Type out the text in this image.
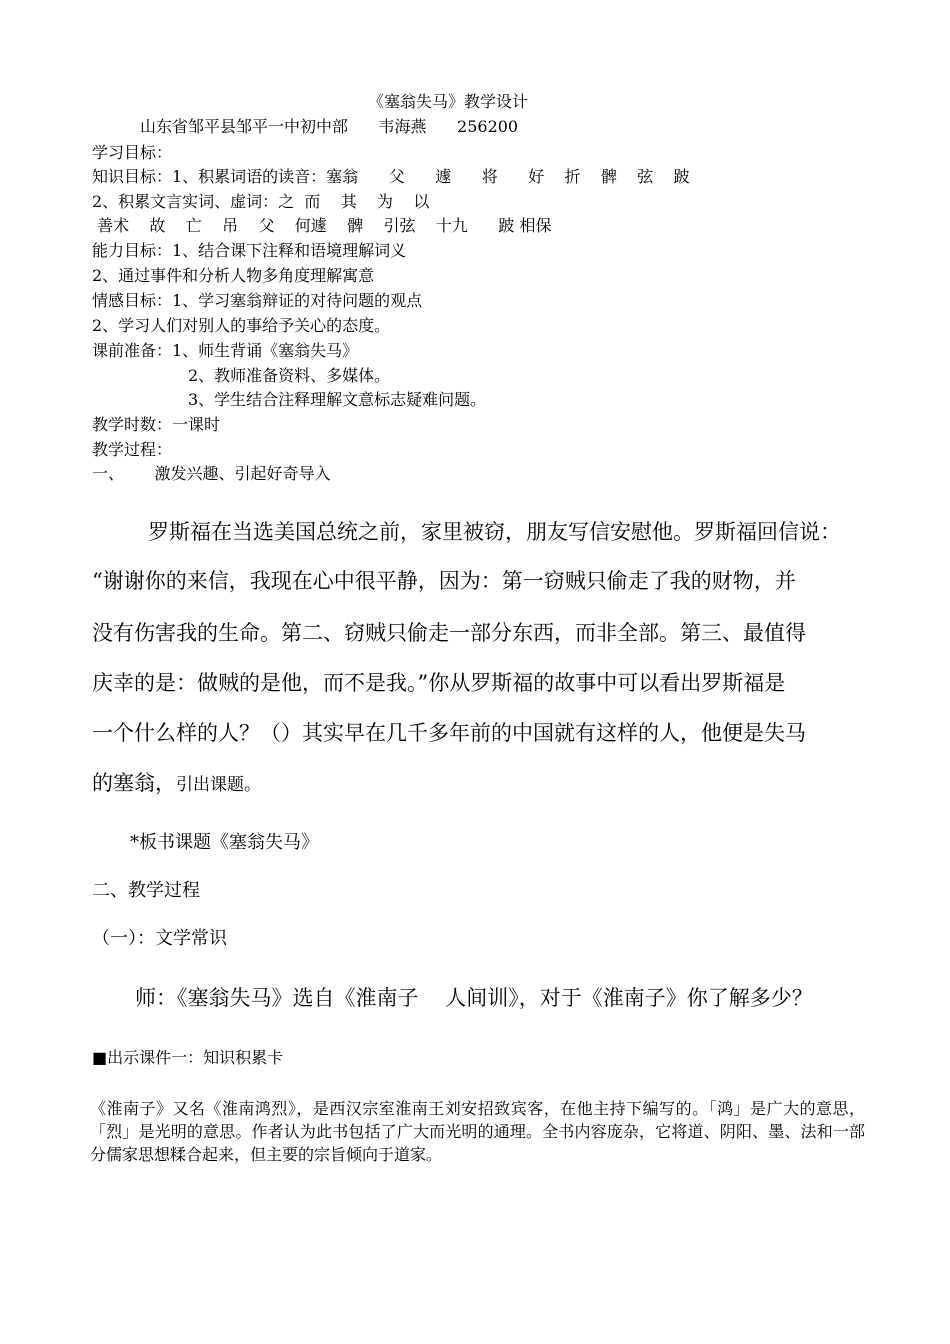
《塞翁失马》教学设计
山东省邹平县邹平一中初中部      韦海燕      256200
学习目标：
知识目标：1、积累词语的读音：塞翁      父      遽      将      好    折    髀    弦    跛
2、积累文言实词、虚词：之  而    其    为    以
善术    故    亡    吊    父    何遽    髀    引弦    十九      跛 相保
能力目标：1、结合课下注释和语境理解词义
2、通过事件和分析人物多角度理解寓意
情感目标：1、学习塞翁辩证的对待问题的观点
2、学习人们对别人的事给予关心的态度。
课前准备：1、师生背诵《塞翁失马》
2、教师准备资料、多媒体。
3、学生结合注释理解文意标志疑难问题。
教学时数：一课时
教学过程：
一、      激发兴趣、引起好奇导入
罗斯福在当选美国总统之前，家里被窃，朋友写信安慰他。罗斯福回信说：
“谢谢你的来信，我现在心中很平静，因为：第一窃贼只偷走了我的财物，并
没有伤害我的生命。第二、窃贼只偷走一部分东西，而非全部。第三、最值得
庆幸的是：做贼的是他，而不是我。”你从罗斯福的故事中可以看出罗斯福是
一个什么样的人？（）其实早在几千多年前的中国就有这样的人，他便是失马
的塞翁，引出课题。
*板书课题《塞翁失马》
二、教学过程
（一）：文学常识
师：《塞翁失马》选自《淮南子    人间训》，对于《淮南子》你了解多少？
■出示课件一：知识积累卡
《淮南子》又名《淮南鸿烈》，是西汉宗室淮南王刘安招致宾客，在他主持下编写的。「鸿」是广大的意思，「烈」是光明的意思。作者认为此书包括了广大而光明的通理。全书内容庞杂，它将道、阴阳、墨、法和一部分儒家思想糅合起来，但主要的宗旨倾向于道家。
